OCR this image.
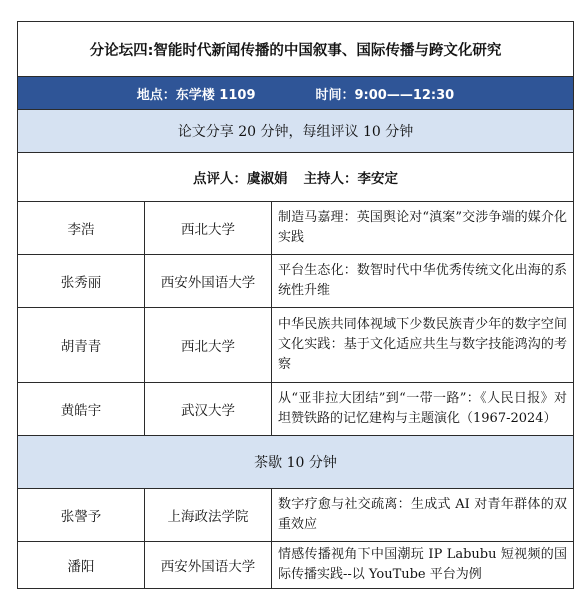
分论坛四:智能时代新闻传播的中国叙事、国际传播与跨文化研究		

地点：东学楼 1109 时间：9:00——12:30		

论文分享 20 分钟，每组评议 10 分钟		

点评人：虞淑娟 主持人：李安定		

李浩	西北大学	制造马嘉理：英国舆论对“滇案”交涉争端的媒介化实践
张秀丽	西安外国语大学	平台生态化：数智时代中华优秀传统文化出海的系统性升维
胡青青	西北大学	中华民族共同体视域下少数民族青少年的数字空间文化实践：基于文化适应共生与数字技能鸿沟的考察
黄皓宇	武汉大学	从“亚非拉大团结”到“一带一路”：《人民日报》对坦赞铁路的记忆建构与主题演化（1967-2024）
茶歇 10 分钟		
张謦予	上海政法学院	数字疗愈与社交疏离：生成式 AI 对青年群体的双重效应
潘阳	西安外国语大学	情感传播视角下中国潮玩 IP Labubu 短视频的国际传播实践--以 YouTube 平台为例
